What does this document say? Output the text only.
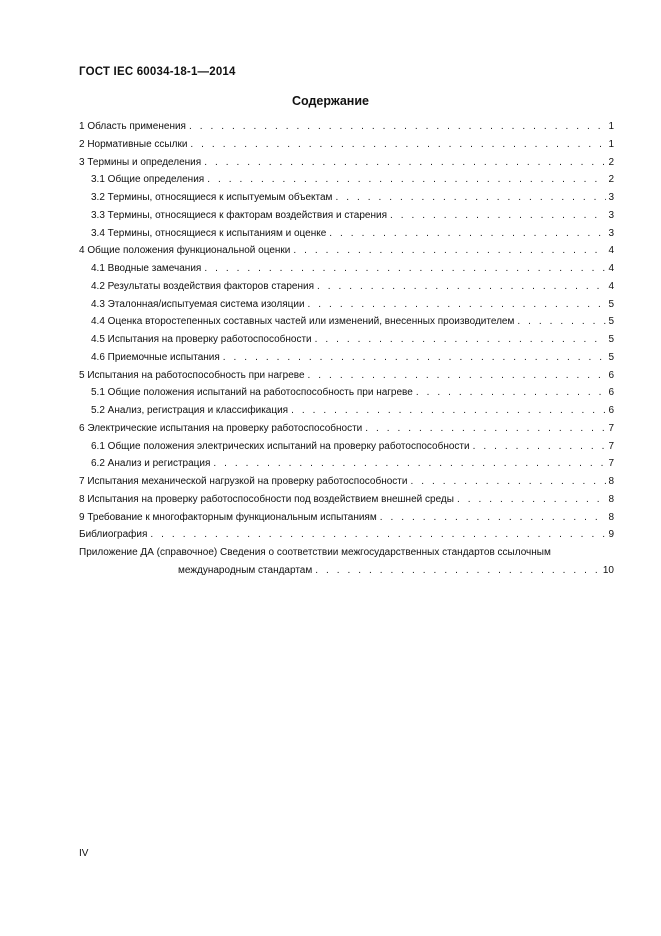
ГОСТ IEC 60034-18-1—2014
Содержание
1 Область применения . . .	1
2 Нормативные ссылки . . .	1
3 Термины и определения . . .	2
3.1 Общие определения . . .	2
3.2 Термины, относящиеся к испытуемым объектам . . .	3
3.3 Термины, относящиеся к факторам воздействия и старения . . .	3
3.4 Термины, относящиеся к испытаниям и оценке . . .	3
4 Общие положения функциональной оценки . . .	4
4.1 Вводные замечания . . .	4
4.2 Результаты воздействия факторов старения . . .	4
4.3 Эталонная/испытуемая система изоляции . . .	5
4.4 Оценка второстепенных составных частей или изменений, внесенных производителем . . .	5
4.5 Испытания на проверку работоспособности . . .	5
4.6 Приемочные испытания . . .	5
5 Испытания на работоспособность при нагреве . . .	6
5.1 Общие положения испытаний на работоспособность при нагреве . . .	6
5.2 Анализ, регистрация и классификация . . .	6
6 Электрические испытания на проверку работоспособности . . .	7
6.1 Общие положения электрических испытаний на проверку работоспособности . . .	7
6.2 Анализ и регистрация . . .	7
7 Испытания механической нагрузкой на проверку работоспособности . . .	8
8 Испытания на проверку работоспособности под воздействием внешней среды . . .	8
9 Требование к многофакторным функциональным испытаниям . . .	8
Библиография . . .	9
Приложение ДА (справочное) Сведения о соответствии межгосударственных стандартов ссылочным
международным стандартам . . .	10
IV
